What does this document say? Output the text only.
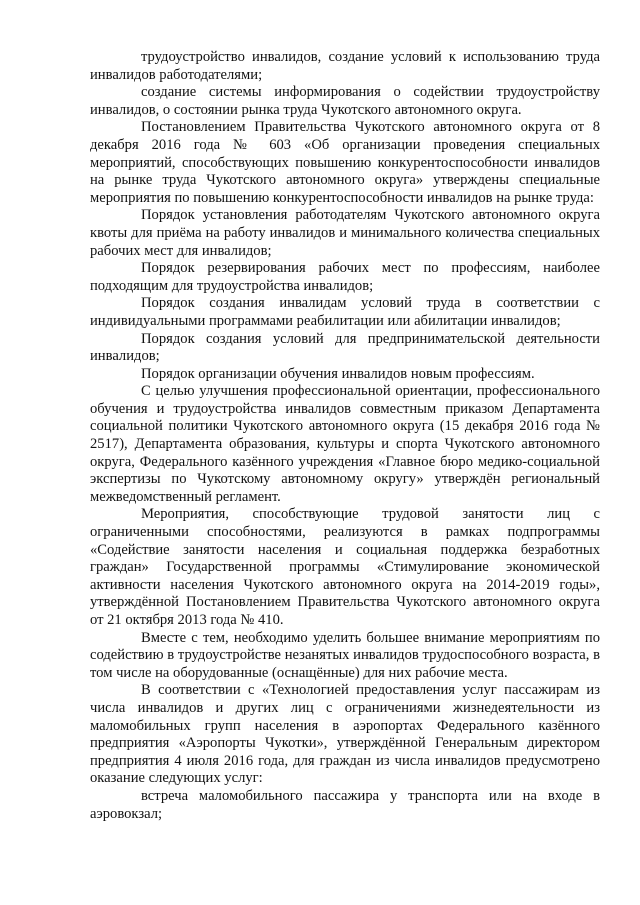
трудоустройство инвалидов, создание условий к использованию труда инвалидов работодателями;

создание системы информирования о содействии трудоустройству инвалидов, о состоянии рынка труда Чукотского автономного округа.

Постановлением Правительства Чукотского автономного округа от 8 декабря 2016 года № 603 «Об организации проведения специальных мероприятий, способствующих повышению конкурентоспособности инвалидов на рынке труда Чукотского автономного округа» утверждены специальные мероприятия по повышению конкурентоспособности инвалидов на рынке труда:

Порядок установления работодателям Чукотского автономного округа квоты для приёма на работу инвалидов и минимального количества специальных рабочих мест для инвалидов;

Порядок резервирования рабочих мест по профессиям, наиболее подходящим для трудоустройства инвалидов;

Порядок создания инвалидам условий труда в соответствии с индивидуальными программами реабилитации или абилитации инвалидов;

Порядок создания условий для предпринимательской деятельности инвалидов;

Порядок организации обучения инвалидов новым профессиям.

С целью улучшения профессиональной ориентации, профессионального обучения и трудоустройства инвалидов совместным приказом Департамента социальной политики Чукотского автономного округа (15 декабря 2016 года № 2517), Департамента образования, культуры и спорта Чукотского автономного округа, Федерального казённого учреждения «Главное бюро медико-социальной экспертизы по Чукотскому автономному округу» утверждён региональный межведомственный регламент.

Мероприятия, способствующие трудовой занятости лиц с ограниченными способностями, реализуются в рамках подпрограммы «Содействие занятости населения и социальная поддержка безработных граждан» Государственной программы «Стимулирование экономической активности населения Чукотского автономного округа на 2014-2019 годы», утверждённой Постановлением Правительства Чукотского автономного округа от 21 октября 2013 года № 410.

Вместе с тем, необходимо уделить большее внимание мероприятиям по содействию в трудоустройстве незанятых инвалидов трудоспособного возраста, в том числе на оборудованные (оснащённые) для них рабочие места.

В соответствии с «Технологией предоставления услуг пассажирам из числа инвалидов и других лиц с ограничениями жизнедеятельности из маломобильных групп населения в аэропортах Федерального казённого предприятия «Аэропорты Чукотки», утверждённой Генеральным директором предприятия 4 июля 2016 года, для граждан из числа инвалидов предусмотрено оказание следующих услуг:

встреча маломобильного пассажира у транспорта или на входе в аэровокзал;
